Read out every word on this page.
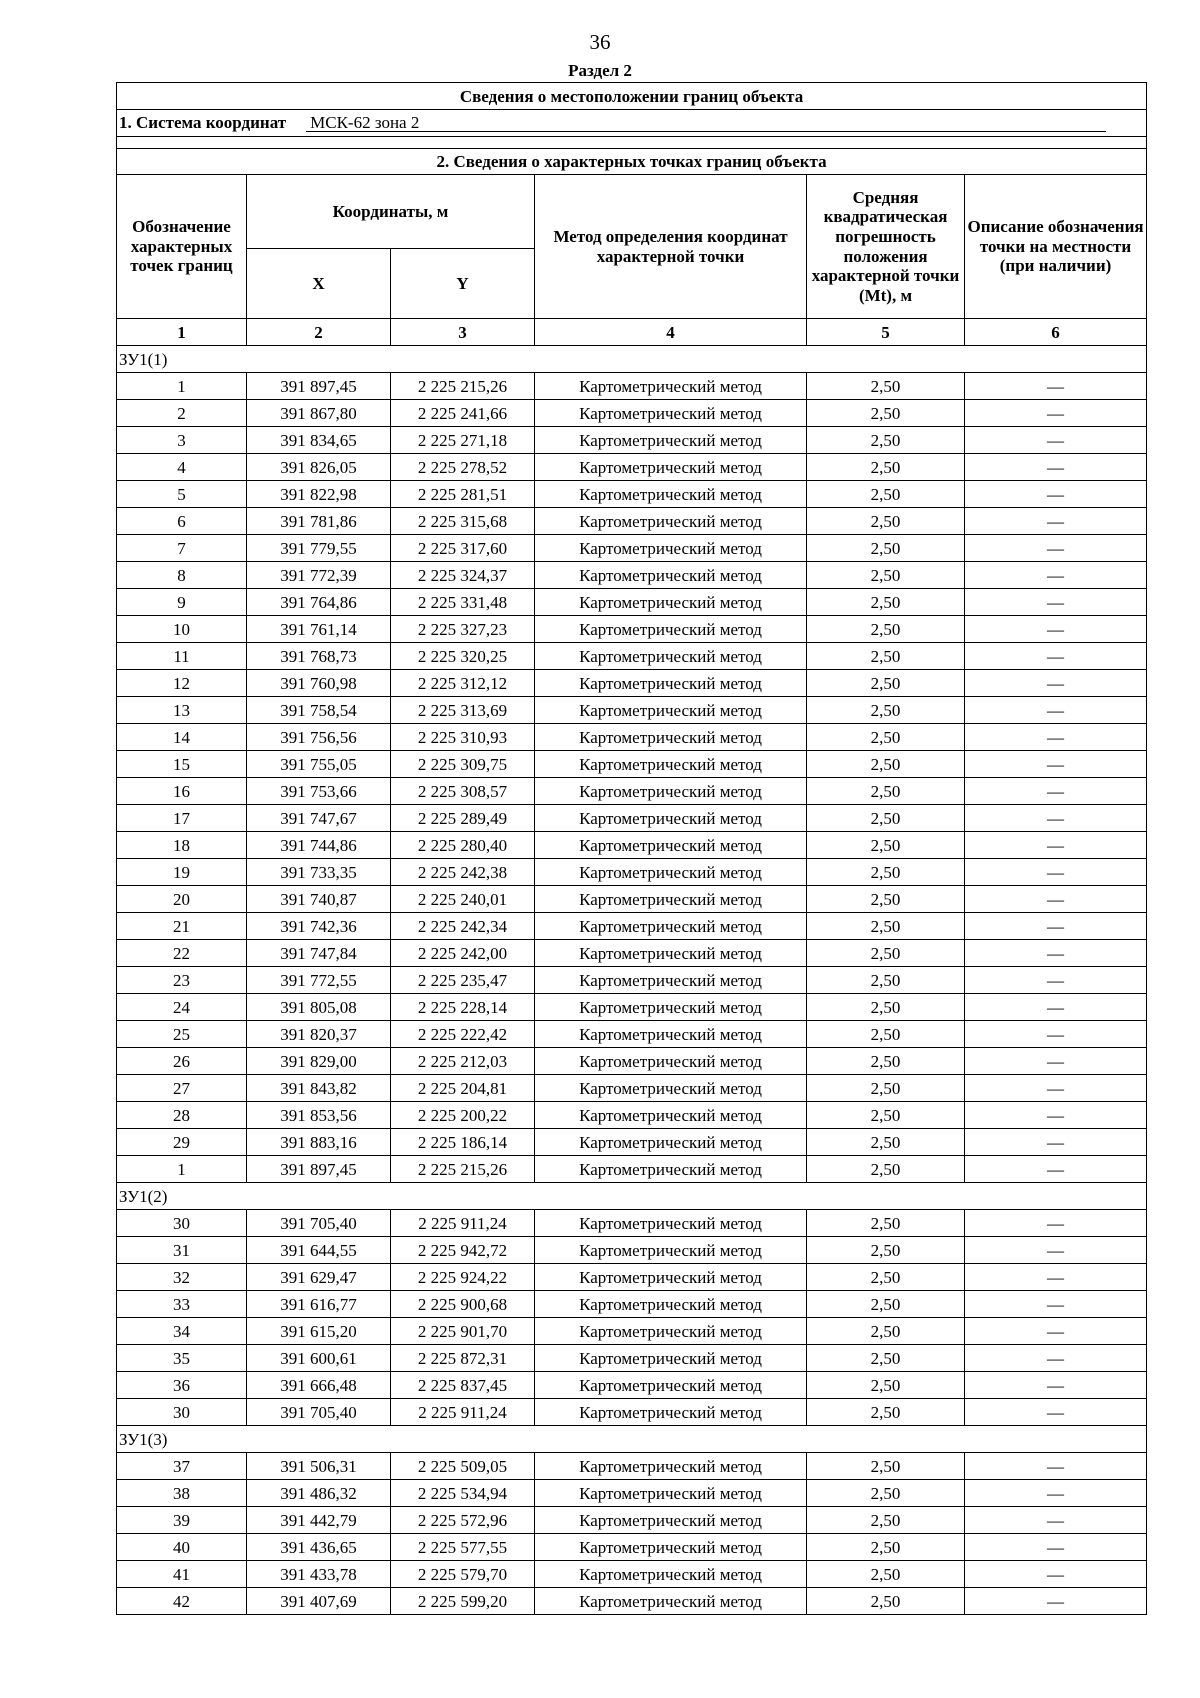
36
Раздел 2
Сведения о местоположении границ объекта					
1. Система координат МСК-62 зона 2					

2. Сведения о характерных точках границ объекта					
Обозначение характерных точек границ	Координаты, м		Метод определения координат характерной точки	Средняя квадратическая погрешность положения характерной точки (Mt), м	Описание обозначения точки на местности (при наличии)
	X	Y			
1	2	3	4	5	6
ЗУ1(1)					
1	391 897,45	2 225 215,26	Картометрический метод	2,50	—
2	391 867,80	2 225 241,66	Картометрический метод	2,50	—
3	391 834,65	2 225 271,18	Картометрический метод	2,50	—
4	391 826,05	2 225 278,52	Картометрический метод	2,50	—
5	391 822,98	2 225 281,51	Картометрический метод	2,50	—
6	391 781,86	2 225 315,68	Картометрический метод	2,50	—
7	391 779,55	2 225 317,60	Картометрический метод	2,50	—
8	391 772,39	2 225 324,37	Картометрический метод	2,50	—
9	391 764,86	2 225 331,48	Картометрический метод	2,50	—
10	391 761,14	2 225 327,23	Картометрический метод	2,50	—
11	391 768,73	2 225 320,25	Картометрический метод	2,50	—
12	391 760,98	2 225 312,12	Картометрический метод	2,50	—
13	391 758,54	2 225 313,69	Картометрический метод	2,50	—
14	391 756,56	2 225 310,93	Картометрический метод	2,50	—
15	391 755,05	2 225 309,75	Картометрический метод	2,50	—
16	391 753,66	2 225 308,57	Картометрический метод	2,50	—
17	391 747,67	2 225 289,49	Картометрический метод	2,50	—
18	391 744,86	2 225 280,40	Картометрический метод	2,50	—
19	391 733,35	2 225 242,38	Картометрический метод	2,50	—
20	391 740,87	2 225 240,01	Картометрический метод	2,50	—
21	391 742,36	2 225 242,34	Картометрический метод	2,50	—
22	391 747,84	2 225 242,00	Картометрический метод	2,50	—
23	391 772,55	2 225 235,47	Картометрический метод	2,50	—
24	391 805,08	2 225 228,14	Картометрический метод	2,50	—
25	391 820,37	2 225 222,42	Картометрический метод	2,50	—
26	391 829,00	2 225 212,03	Картометрический метод	2,50	—
27	391 843,82	2 225 204,81	Картометрический метод	2,50	—
28	391 853,56	2 225 200,22	Картометрический метод	2,50	—
29	391 883,16	2 225 186,14	Картометрический метод	2,50	—
1	391 897,45	2 225 215,26	Картометрический метод	2,50	—
ЗУ1(2)					
30	391 705,40	2 225 911,24	Картометрический метод	2,50	—
31	391 644,55	2 225 942,72	Картометрический метод	2,50	—
32	391 629,47	2 225 924,22	Картометрический метод	2,50	—
33	391 616,77	2 225 900,68	Картометрический метод	2,50	—
34	391 615,20	2 225 901,70	Картометрический метод	2,50	—
35	391 600,61	2 225 872,31	Картометрический метод	2,50	—
36	391 666,48	2 225 837,45	Картометрический метод	2,50	—
30	391 705,40	2 225 911,24	Картометрический метод	2,50	—
ЗУ1(3)					
37	391 506,31	2 225 509,05	Картометрический метод	2,50	—
38	391 486,32	2 225 534,94	Картометрический метод	2,50	—
39	391 442,79	2 225 572,96	Картометрический метод	2,50	—
40	391 436,65	2 225 577,55	Картометрический метод	2,50	—
41	391 433,78	2 225 579,70	Картометрический метод	2,50	—
42	391 407,69	2 225 599,20	Картометрический метод	2,50	—
